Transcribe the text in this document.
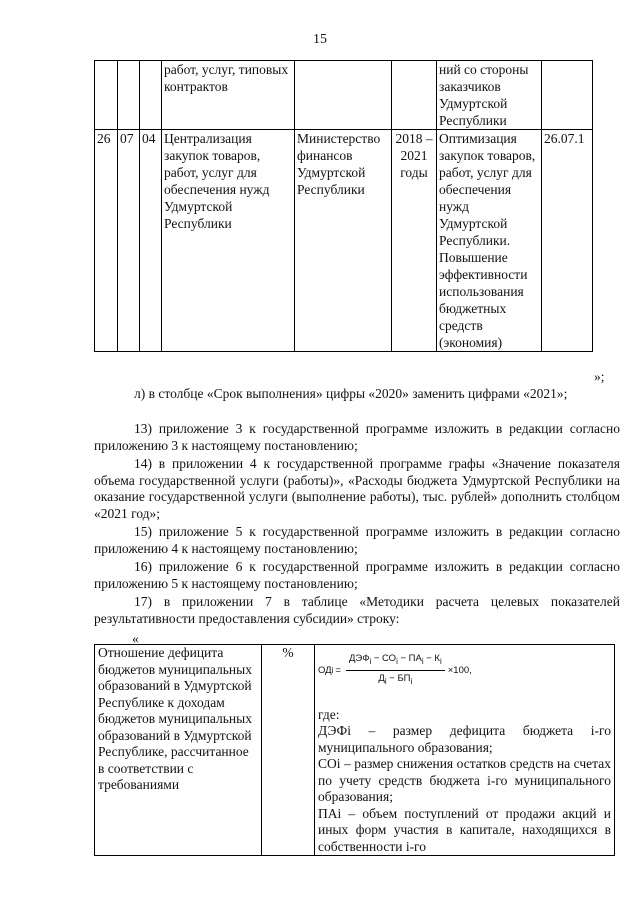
15
			работ, услуг, типовых контрактов			ний со стороны заказчиков Удмуртской Республики	
26	07	04	Централизация закупок товаров, работ, услуг для обеспечения нужд Удмуртской Республики	Министерство финансов Удмуртской Республики	2018 – 2021 годы	Оптимизация закупок товаров, работ, услуг для обеспечения нужд Удмуртской Республики. Повышение эффективности использования бюджетных средств (экономия)	26.07.1
»;
л) в столбце «Срок выполнения» цифры «2020» заменить цифрами «2021»;
13) приложение 3 к государственной программе изложить в редакции согласно приложению 3 к настоящему постановлению;
14) в приложении 4 к государственной программе графы «Значение показателя объема государственной услуги (работы)», «Расходы бюджета Удмуртской Республики на оказание государственной услуги (выполнение работы), тыс. рублей» дополнить столбцом «2021 год»;
15) приложение 5 к государственной программе изложить в редакции согласно приложению 4 к настоящему постановлению;
16) приложение 6 к государственной программе изложить в редакции согласно приложению 5 к настоящему постановлению;
17) в приложении 7 в таблице «Методики расчета целевых показателей результативности предоставления субсидии» строку:
«
Отношение дефицита бюджетов муниципальных образований в Удмуртской Республике к доходам бюджетов муниципальных образований в Удмуртской Республике, рассчитанное в соответствии с требованиями	%	
ОД $i = \frac{ДЭФ_i - СО_i - ПА_i - К_i}{Д_i - БП_i} \times 100$,
где:
ДЭФi – размер дефицита бюджета i-го муниципального образования;
СОi – размер снижения остатков средств на счетах по учету средств бюджета i-го муниципального образования;
ПАi – объем поступлений от продажи акций и иных форм участия в капитале, находящихся в собственности i-го
